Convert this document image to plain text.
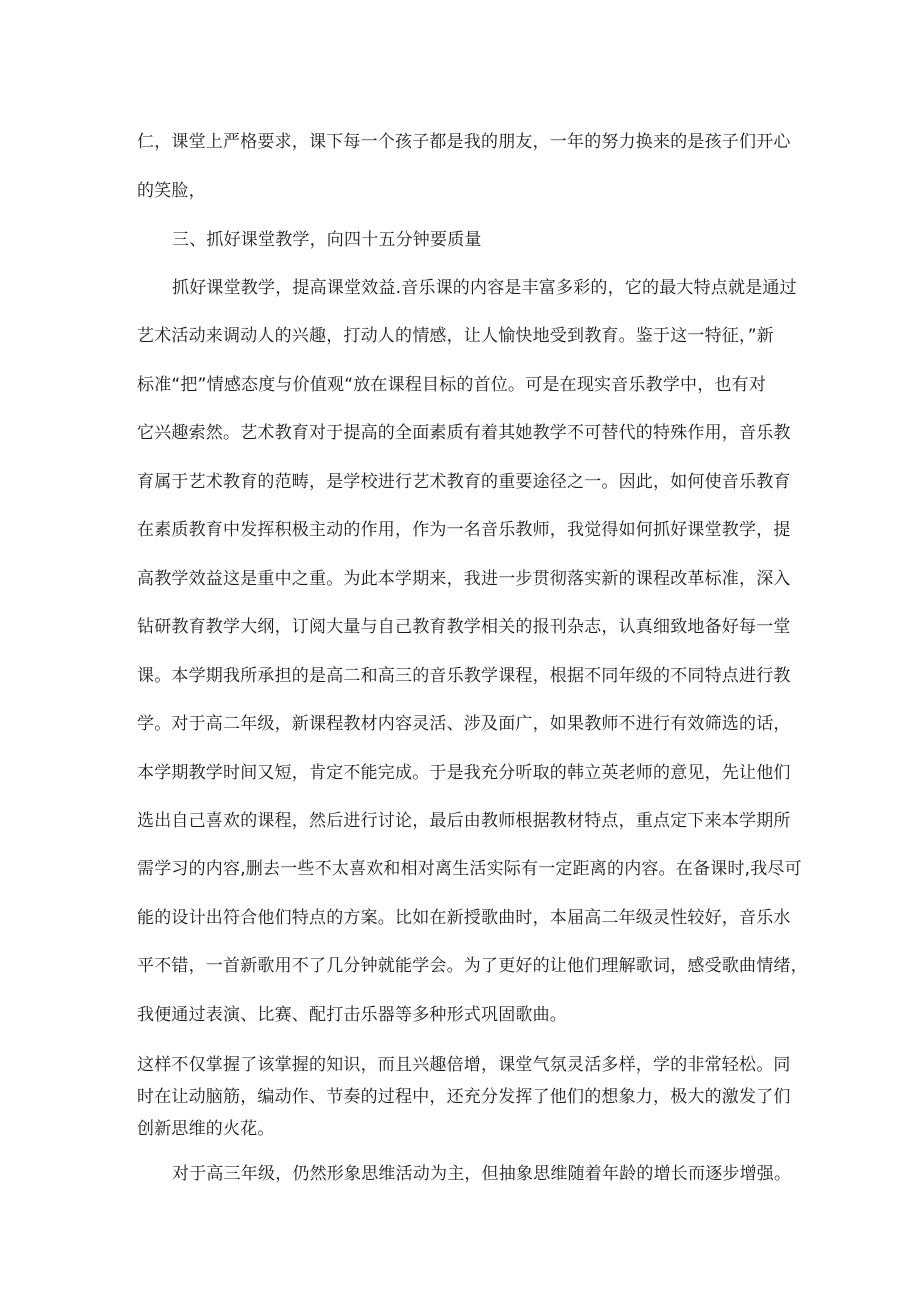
仁，课堂上严格要求，课下每一个孩子都是我的朋友，一年的努力换来的是孩子们开心
的笑脸，
三、抓好课堂教学，向四十五分钟要质量
抓好课堂教学，提高课堂效益.音乐课的内容是丰富多彩的，它的最大特点就是通过
艺术活动来调动人的兴趣，打动人的情感，让人愉快地受到教育。鉴于这一特征，”新
标准“把”情感态度与价值观“放在课程目标的首位。可是在现实音乐教学中，也有对
它兴趣索然。艺术教育对于提高的全面素质有着其她教学不可替代的特殊作用，音乐教
育属于艺术教育的范畴，是学校进行艺术教育的重要途径之一。因此，如何使音乐教育
在素质教育中发挥积极主动的作用，作为一名音乐教师，我觉得如何抓好课堂教学，提
高教学效益这是重中之重。为此本学期来，我进一步贯彻落实新的课程改革标准，深入
钻研教育教学大纲，订阅大量与自己教育教学相关的报刊杂志，认真细致地备好每一堂
课。本学期我所承担的是高二和高三的音乐教学课程，根据不同年级的不同特点进行教
学。对于高二年级，新课程教材内容灵活、涉及面广，如果教师不进行有效筛选的话，
本学期教学时间又短，肯定不能完成。于是我充分听取的韩立英老师的意见，先让他们
选出自己喜欢的课程，然后进行讨论，最后由教师根据教材特点，重点定下来本学期所
需学习的内容,删去一些不太喜欢和相对离生活实际有一定距离的内容。在备课时,我尽可
能的设计出符合他们特点的方案。比如在新授歌曲时，本届高二年级灵性较好，音乐水
平不错，一首新歌用不了几分钟就能学会。为了更好的让他们理解歌词，感受歌曲情绪，
我便通过表演、比赛、配打击乐器等多种形式巩固歌曲。
这样不仅掌握了该掌握的知识，而且兴趣倍增，课堂气氛灵活多样，学的非常轻松。同
时在让动脑筋，编动作、节奏的过程中，还充分发挥了他们的想象力，极大的激发了们
创新思维的火花。
对于高三年级，仍然形象思维活动为主，但抽象思维随着年龄的增长而逐步增强。
